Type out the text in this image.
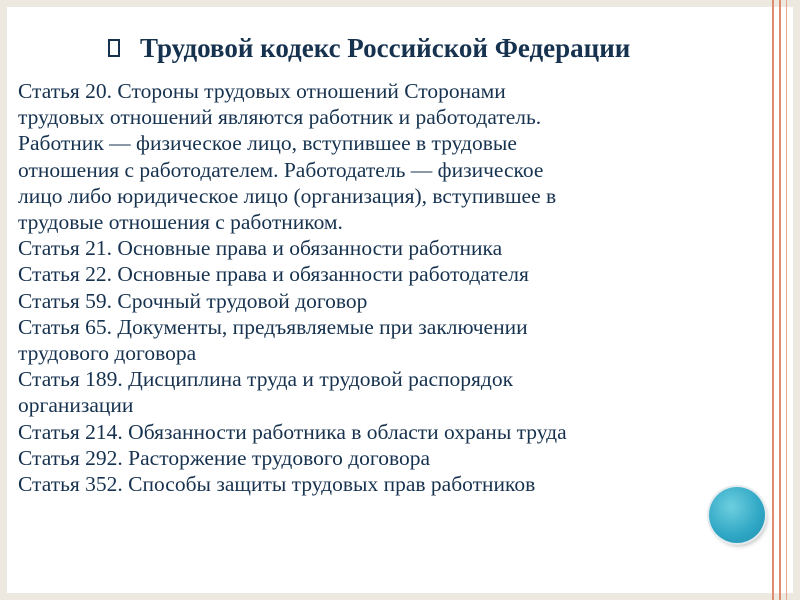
Трудовой кодекс Российской Федерации
Статья 20. Стороны трудовых отношений Сторонами
трудовых отношений являются работник и работодатель.
Работник — физическое лицо, вступившее в трудовые
отношения с работодателем. Работодатель — физическое
лицо либо юридическое лицо (организация), вступившее в
трудовые отношения с работником.
Статья 21. Основные права и обязанности работника
Статья 22. Основные права и обязанности работодателя
Статья 59. Срочный трудовой договор
Статья 65. Документы, предъявляемые при заключении
трудового договора
Статья 189. Дисциплина труда и трудовой распорядок
организации
Статья 214. Обязанности работника в области охраны труда
Статья 292. Расторжение трудового договора
Статья 352. Способы защиты трудовых прав работников
